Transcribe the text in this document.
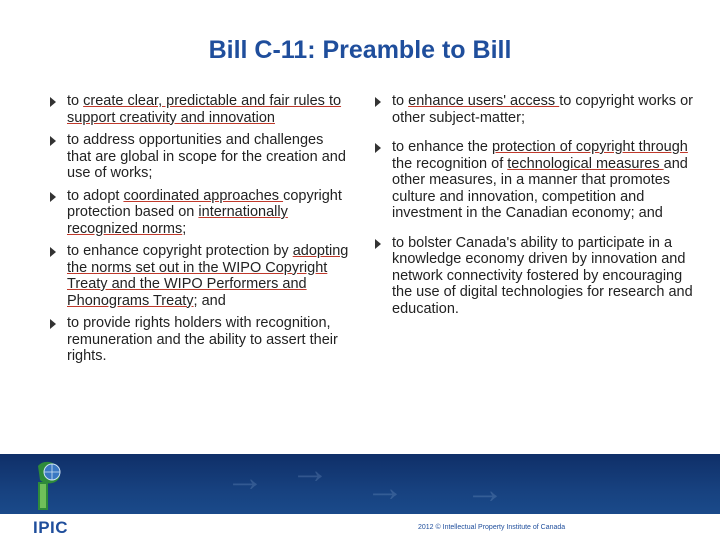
Bill C-11: Preamble to Bill
to create clear, predictable and fair rules to support creativity and innovation
to address opportunities and challenges that are global in scope for the creation and use of works;
to adopt coordinated approaches copyright protection based on internationally recognized norms;
to enhance copyright protection by adopting the norms set out in the WIPO Copyright Treaty and the WIPO Performers and Phonograms Treaty; and
to provide rights holders with recognition, remuneration and the ability to assert their rights.
to enhance users' access to copyright works or other subject-matter;
to enhance the protection of copyright through the recognition of technological measures and other measures, in a manner that promotes culture and innovation, competition and investment in the Canadian economy; and
to bolster Canada's ability to participate in a knowledge economy driven by innovation and network connectivity fostered by encouraging the use of digital technologies for research and education.
→ → → →
IPIC	2012 © Intellectual Property Institute of Canada
